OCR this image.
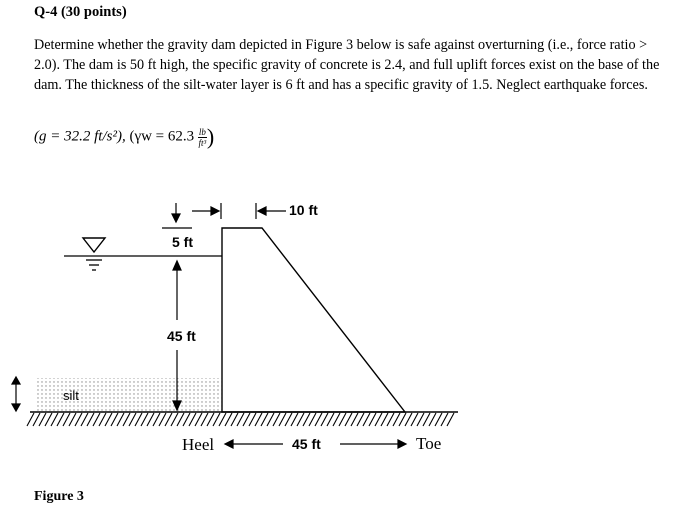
Q-4 (30 points)
Determine whether the gravity dam depicted in Figure 3 below is safe against overturning (i.e., force ratio > 2.0). The dam is 50 ft high, the specific gravity of concrete is 2.4, and full uplift forces exist on the base of the dam. The thickness of the silt-water layer is 6 ft and has a specific gravity of 1.5. Neglect earthquake forces.
(g = 32.2 ft/s²), ($\gamma w = 62.3 \frac{lb}{\text{ft³}}$ )
10 ft
5 ft
45 ft
silt
Heel	45 ft	Toe
Figure 3
